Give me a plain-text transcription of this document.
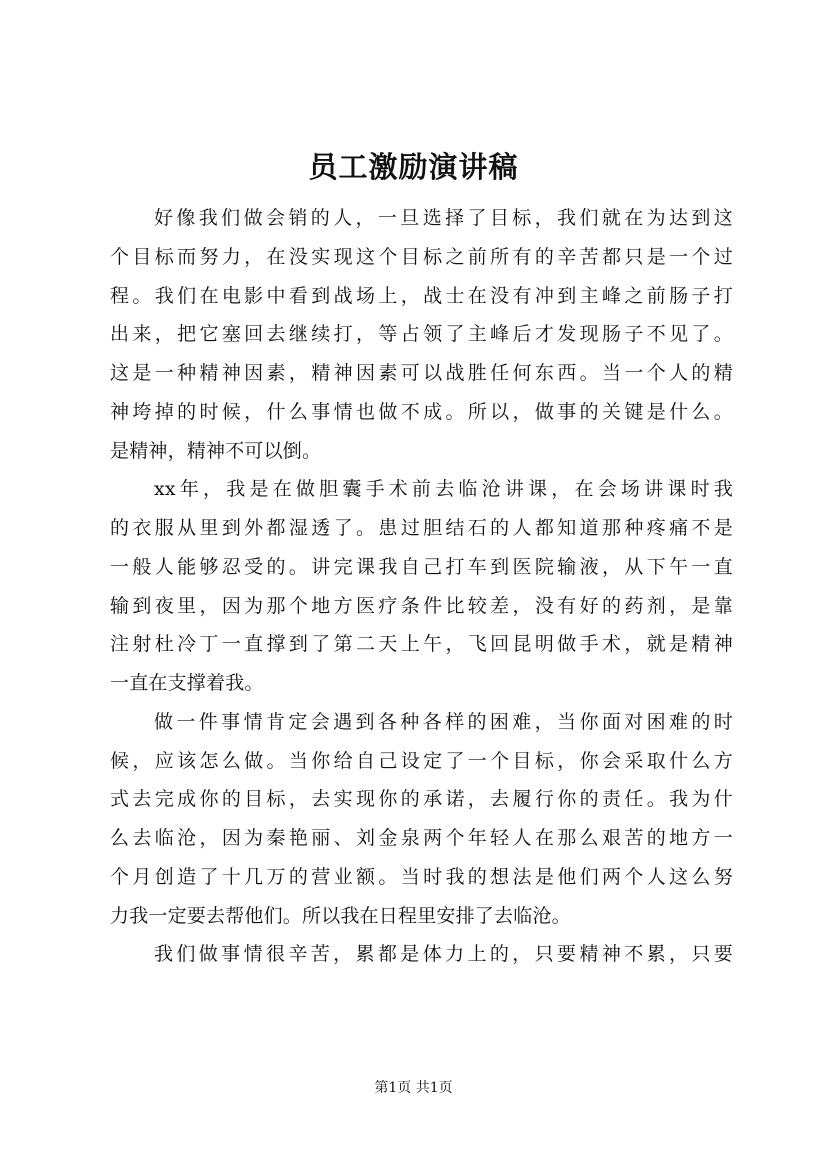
员工激励演讲稿
好像我们做会销的人，一旦选择了目标，我们就在为达到这
个目标而努力，在没实现这个目标之前所有的辛苦都只是一个过
程。我们在电影中看到战场上，战士在没有冲到主峰之前肠子打
出来，把它塞回去继续打，等占领了主峰后才发现肠子不见了。
这是一种精神因素，精神因素可以战胜任何东西。当一个人的精
神垮掉的时候，什么事情也做不成。所以，做事的关键是什么。
是精神，精神不可以倒。
xx年，我是在做胆囊手术前去临沧讲课，在会场讲课时我
的衣服从里到外都湿透了。患过胆结石的人都知道那种疼痛不是
一般人能够忍受的。讲完课我自己打车到医院输液，从下午一直
输到夜里，因为那个地方医疗条件比较差，没有好的药剂，是靠
注射杜冷丁一直撑到了第二天上午，飞回昆明做手术，就是精神
一直在支撑着我。
做一件事情肯定会遇到各种各样的困难，当你面对困难的时
候，应该怎么做。当你给自己设定了一个目标，你会采取什么方
式去完成你的目标，去实现你的承诺，去履行你的责任。我为什
么去临沧，因为秦艳丽、刘金泉两个年轻人在那么艰苦的地方一
个月创造了十几万的营业额。当时我的想法是他们两个人这么努
力我一定要去帮他们。所以我在日程里安排了去临沧。
我们做事情很辛苦，累都是体力上的，只要精神不累，只要
第1页 共1页
